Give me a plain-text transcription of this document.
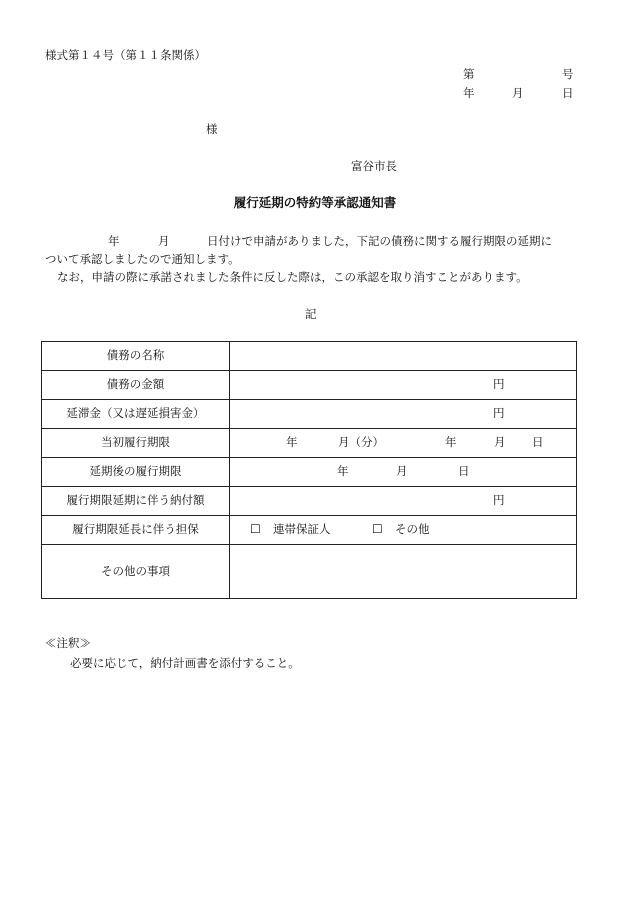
様式第１４号（第１１条関係）
第	号
年	月	日
様
富谷市長
履行延期の特約等承認通知書
年	月	日付けで申請がありました，下記の債務に関する履行期限の延期に
ついて承認しましたので通知します。
なお，申請の際に承諾されました条件に反した際は，この承認を取り消すことがあります。
記
債務の名称	

債務の金額	円

延滞金（又は遅延損害金）	円

当初履行期限	年 月（分） 年 月 日

延期後の履行期限	年 月 日

履行期限延期に伴う納付額	円

履行期限延長に伴う担保	☐ 連帯保証人 ☐ その他

その他の事項	
≪注釈≫
必要に応じて，納付計画書を添付すること。
